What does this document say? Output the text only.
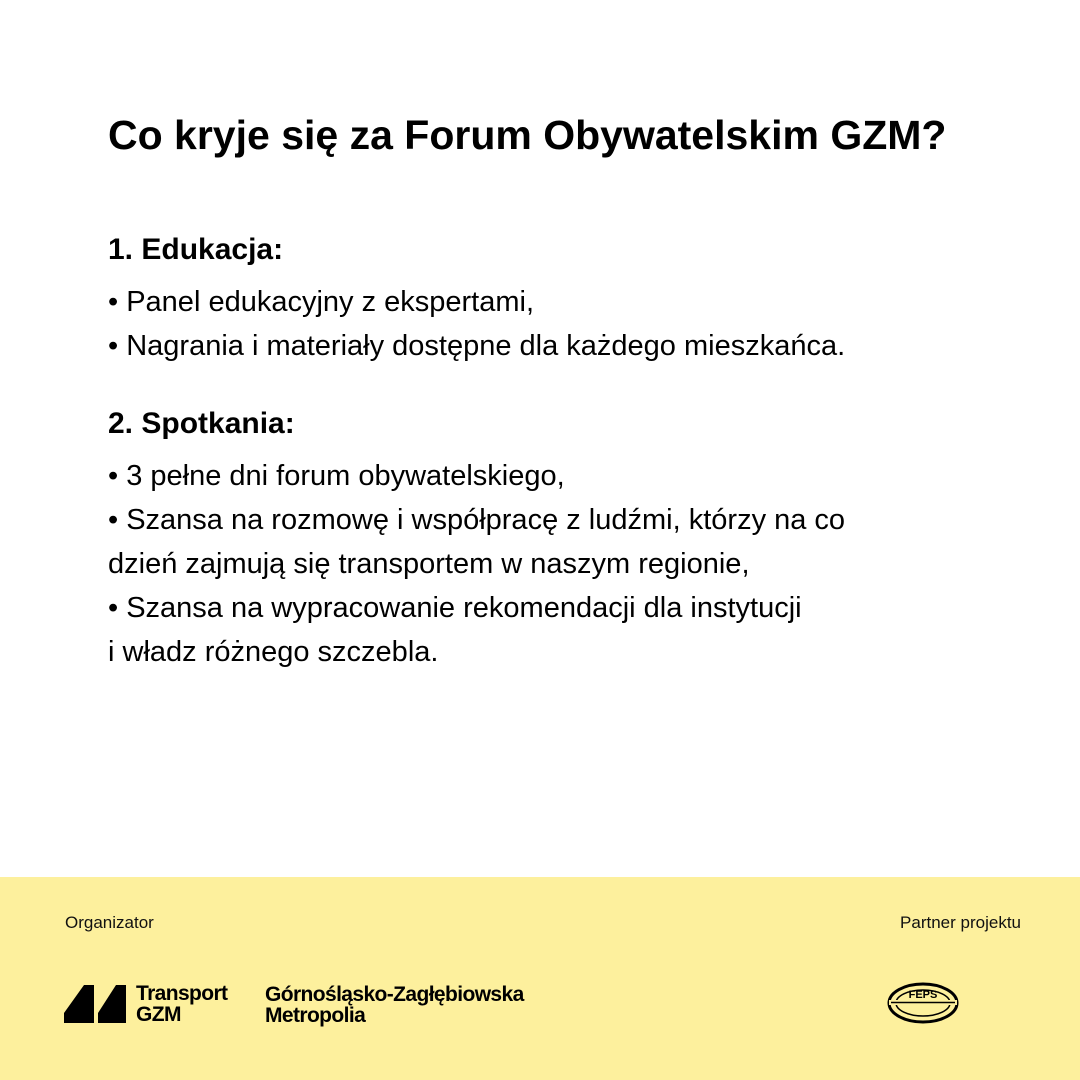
Co kryje się za Forum Obywatelskim GZM?
1. Edukacja:
• Panel edukacyjny z ekspertami,
• Nagrania i materiały dostępne dla każdego mieszkańca.
2. Spotkania:
• 3 pełne dni forum obywatelskiego,
• Szansa na rozmowę i współpracę z ludźmi, którzy na co
dzień zajmują się transportem w naszym regionie,
• Szansa na wypracowanie rekomendacji dla instytucji
i władz różnego szczebla.
Organizator	Partner projektu
Transport
GZM
Górnośląsko-Zagłębiowska
Metropolia
FEPS
